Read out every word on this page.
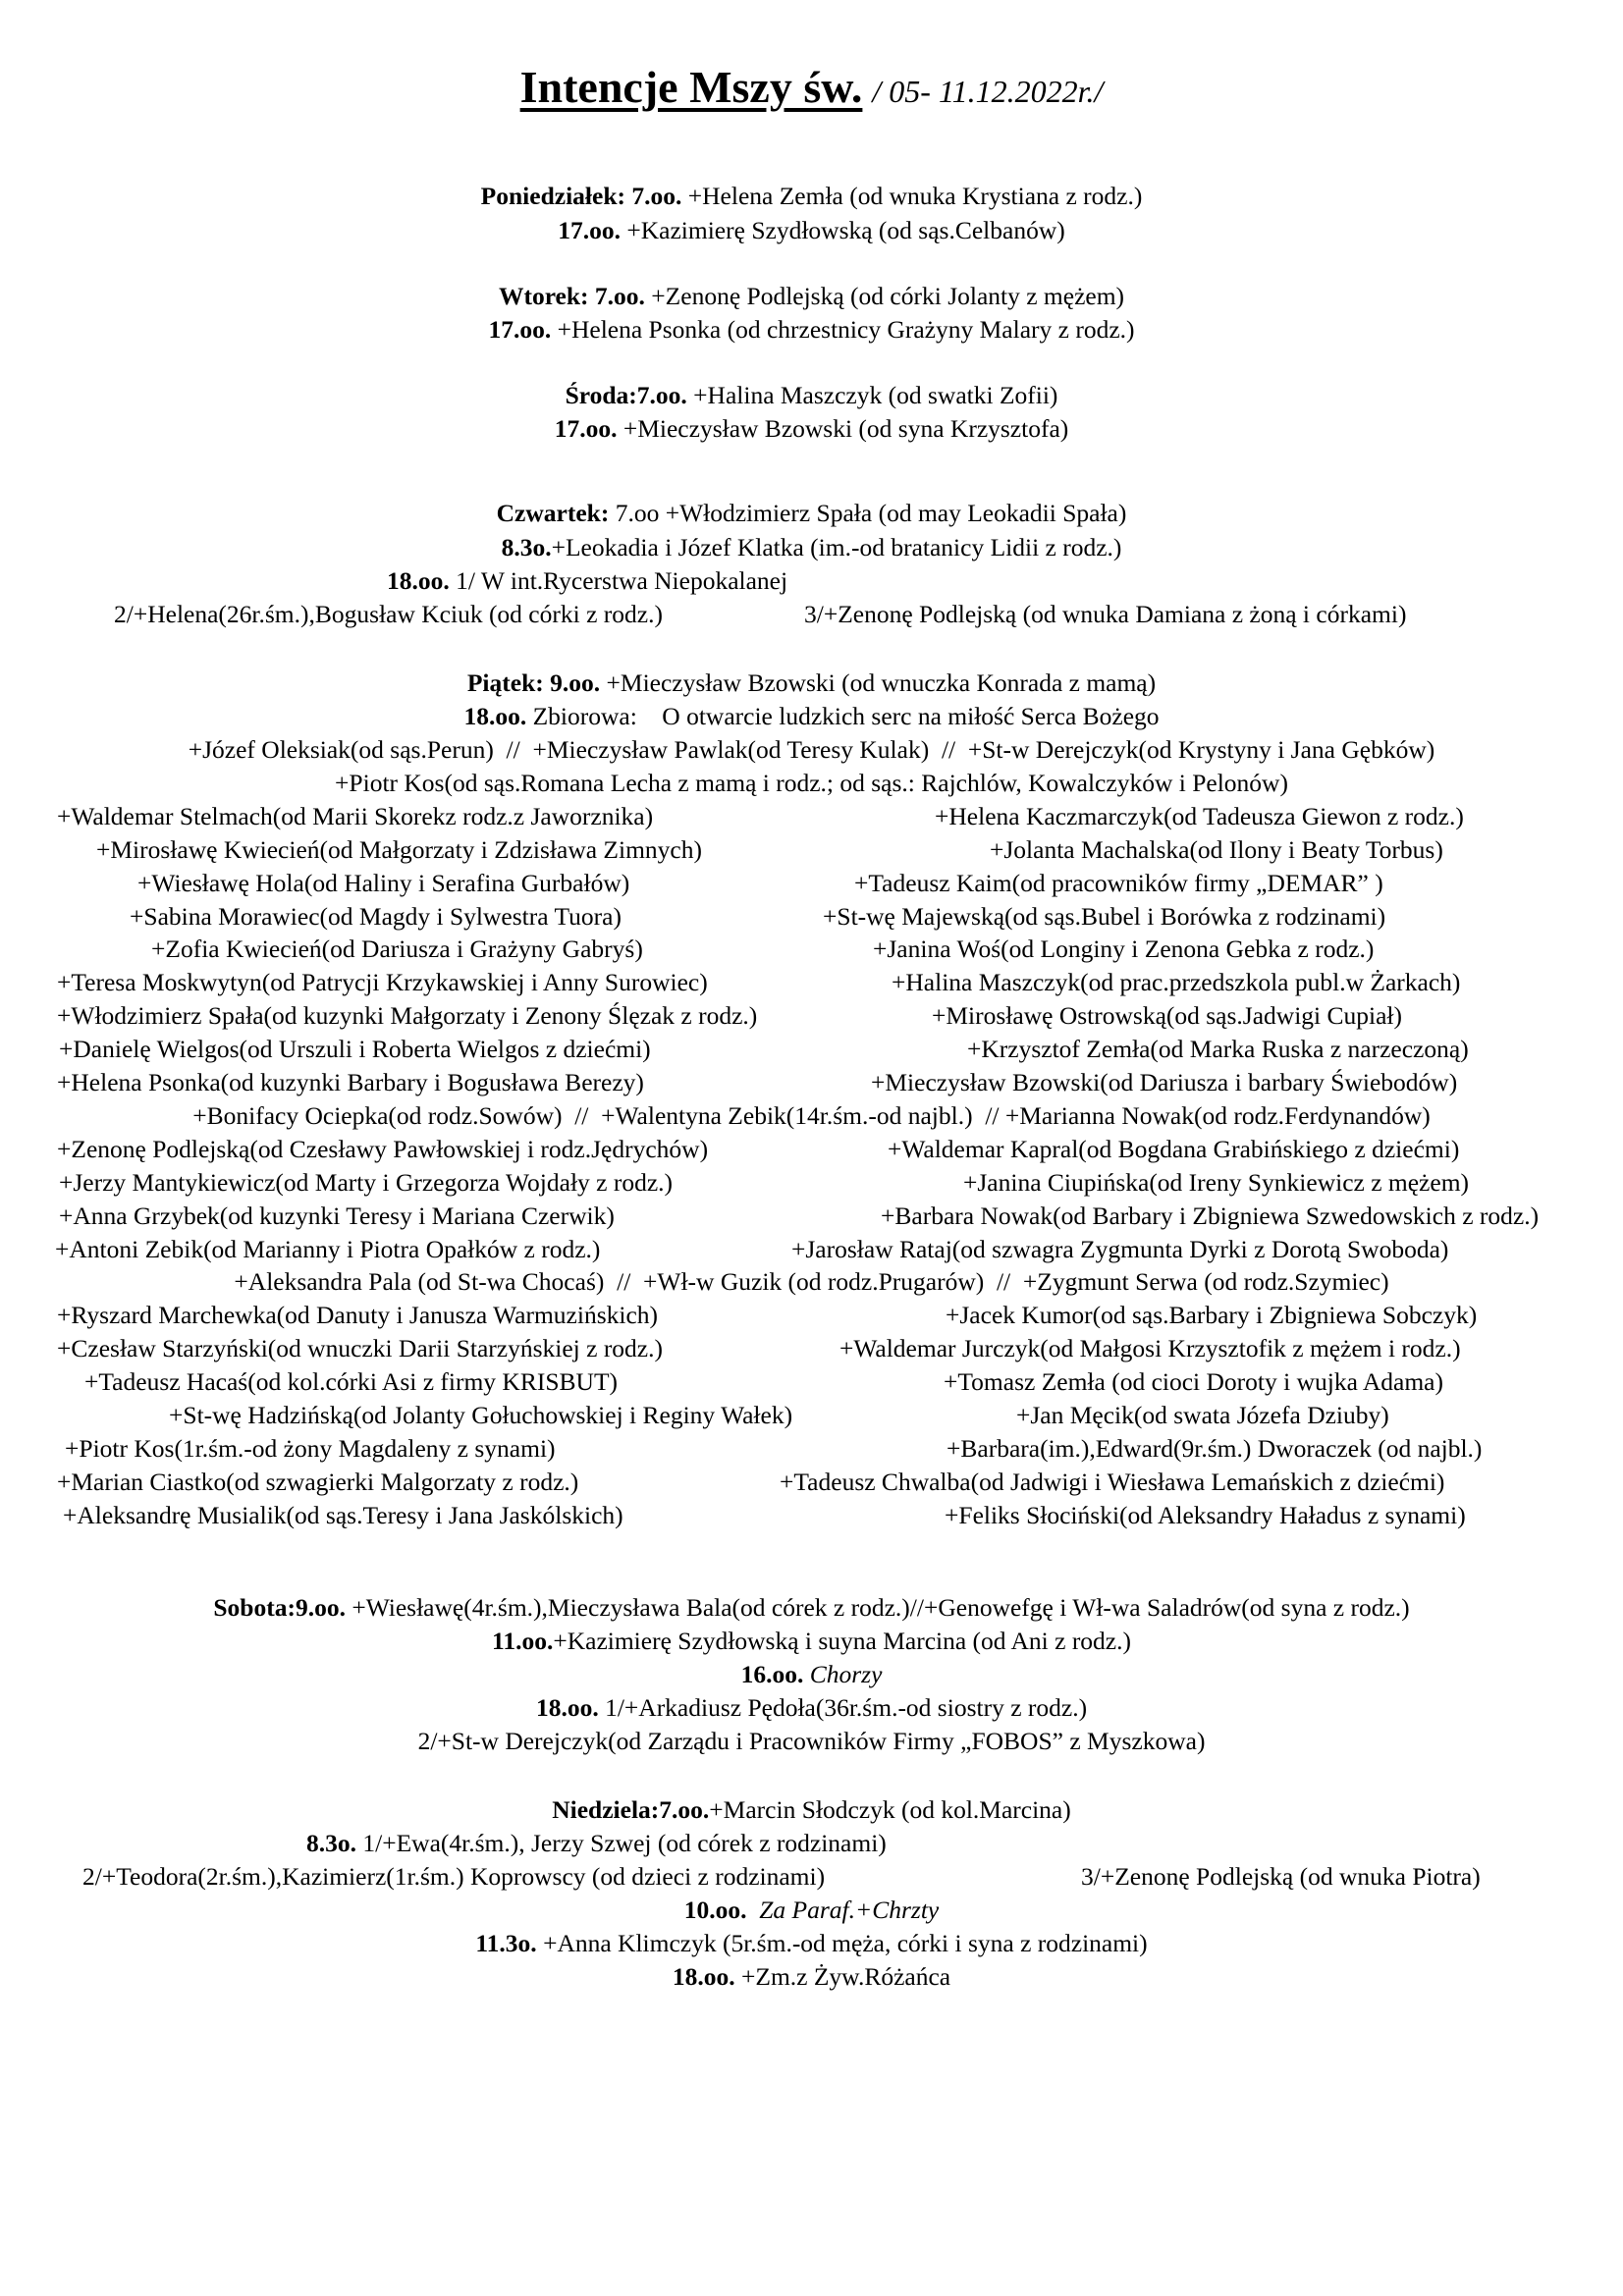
Intencje Mszy św. / 05- 11.12.2022r./
Poniedziałek: 7.oo. +Helena Zemła (od wnuka Krystiana z rodz.)
17.oo. +Kazimierę Szydłowską (od sąs.Celbanów)
Wtorek: 7.oo. +Zenonę Podlejską (od córki Jolanty z mężem)
17.oo. +Helena Psonka (od chrzestnicy Grażyny Malary z rodz.)
Środa:7.oo. +Halina Maszczyk (od swatki Zofii)
17.oo. +Mieczysław Bzowski (od syna Krzysztofa)
Czwartek: 7.oo +Włodzimierz Spała (od may Leokadii Spała)
8.3o.+Leokadia i Józef Klatka (im.-od bratanicy Lidii z rodz.)
18.oo. 1/ W int.Rycerstwa Niepokalanej
2/+Helena(26r.śm.),Bogusław Kciuk (od córki z rodz.)	3/+Zenonę Podlejską (od wnuka Damiana z żoną i córkami)
Piątek: 9.oo. +Mieczysław Bzowski (od wnuczka Konrada z mamą)
18.oo. Zbiorowa:    O otwarcie ludzkich serc na miłość Serca Bożego
+Józef Oleksiak(od sąs.Perun)  //  +Mieczysław Pawlak(od Teresy Kulak)  //  +St-w Derejczyk(od Krystyny i Jana Gębków)
+Piotr Kos(od sąs.Romana Lecha z mamą i rodz.; od sąs.: Rajchlów, Kowalczyków i Pelonów)
+Waldemar Stelmach(od Marii Skorekz rodz.z Jaworznika)	+Helena Kaczmarczyk(od Tadeusza Giewon z rodz.)
+Mirosławę Kwiecień(od Małgorzaty i Zdzisława Zimnych)	+Jolanta Machalska(od Ilony i Beaty Torbus)
+Wiesławę Hola(od Haliny i Serafina Gurbałów)	+Tadeusz Kaim(od pracowników firmy „DEMAR” )
+Sabina Morawiec(od Magdy i Sylwestra Tuora)	+St-wę Majewską(od sąs.Bubel i Borówka z rodzinami)
+Zofia Kwiecień(od Dariusza i Grażyny Gabryś)	+Janina Woś(od Longiny i Zenona Gebka z rodz.)
+Teresa Moskwytyn(od Patrycji Krzykawskiej i Anny Surowiec)	+Halina Maszczyk(od prac.przedszkola publ.w Żarkach)
+Włodzimierz Spała(od kuzynki Małgorzaty i Zenony Ślęzak z rodz.)	+Mirosławę Ostrowską(od sąs.Jadwigi Cupiał)
+Danielę Wielgos(od Urszuli i Roberta Wielgos z dziećmi)	+Krzysztof Zemła(od Marka Ruska z narzeczoną)
+Helena Psonka(od kuzynki Barbary i Bogusława Berezy)	+Mieczysław Bzowski(od Dariusza i barbary Świebodów)
+Bonifacy Ociepka(od rodz.Sowów)  //  +Walentyna Zebik(14r.śm.-od najbl.)  // +Marianna Nowak(od rodz.Ferdynandów)
+Zenonę Podlejską(od Czesławy Pawłowskiej i rodz.Jędrychów)	+Waldemar Kapral(od Bogdana Grabińskiego z dziećmi)
+Jerzy Mantykiewicz(od Marty i Grzegorza Wojdały z rodz.)	+Janina Ciupińska(od Ireny Synkiewicz z mężem)
+Anna Grzybek(od kuzynki Teresy i Mariana Czerwik)	+Barbara Nowak(od Barbary i Zbigniewa Szwedowskich z rodz.)
+Antoni Zebik(od Marianny i Piotra Opałków z rodz.)	+Jarosław Rataj(od szwagra Zygmunta Dyrki z Dorotą Swoboda)
+Aleksandra Pala (od St-wa Chocaś)  //  +Wł-w Guzik (od rodz.Prugarów)  //  +Zygmunt Serwa (od rodz.Szymiec)
+Ryszard Marchewka(od Danuty i Janusza Warmuzińskich)	+Jacek Kumor(od sąs.Barbary i Zbigniewa Sobczyk)
+Czesław Starzyński(od wnuczki Darii Starzyńskiej z rodz.)	+Waldemar Jurczyk(od Małgosi Krzysztofik z mężem i rodz.)
+Tadeusz Hacaś(od kol.córki Asi z firmy KRISBUT)	+Tomasz Zemła (od cioci Doroty i wujka Adama)
+St-wę Hadzińską(od Jolanty Gołuchowskiej i Reginy Wałek)	+Jan Męcik(od swata Józefa Dziuby)
+Piotr Kos(1r.śm.-od żony Magdaleny z synami)	+Barbara(im.),Edward(9r.śm.) Dworaczek (od najbl.)
+Marian Ciastko(od szwagierki Malgorzaty z rodz.)	+Tadeusz Chwalba(od Jadwigi i Wiesława Lemańskich z dziećmi)
+Aleksandrę Musialik(od sąs.Teresy i Jana Jaskólskich)	+Feliks Słociński(od Aleksandry Haładus z synami)
Sobota:9.oo. +Wiesławę(4r.śm.),Mieczysława Bala(od córek z rodz.)//+Genowefgę i Wł-wa Saladrów(od syna z rodz.)
11.oo.+Kazimierę Szydłowską i suyna Marcina (od Ani z rodz.)
16.oo. Chorzy
18.oo. 1/+Arkadiusz Pędoła(36r.śm.-od siostry z rodz.)
2/+St-w Derejczyk(od Zarządu i Pracowników Firmy „FOBOS” z Myszkowa)
Niedziela:7.oo.+Marcin Słodczyk (od kol.Marcina)
8.3o. 1/+Ewa(4r.śm.), Jerzy Szwej (od córek z rodzinami)
2/+Teodora(2r.śm.),Kazimierz(1r.śm.) Koprowscy (od dzieci z rodzinami)	3/+Zenonę Podlejską (od wnuka Piotra)
10.oo. Za Paraf.+Chrzty
11.3o. +Anna Klimczyk (5r.śm.-od męża, córki i syna z rodzinami)
18.oo. +Zm.z Żyw.Różańca
